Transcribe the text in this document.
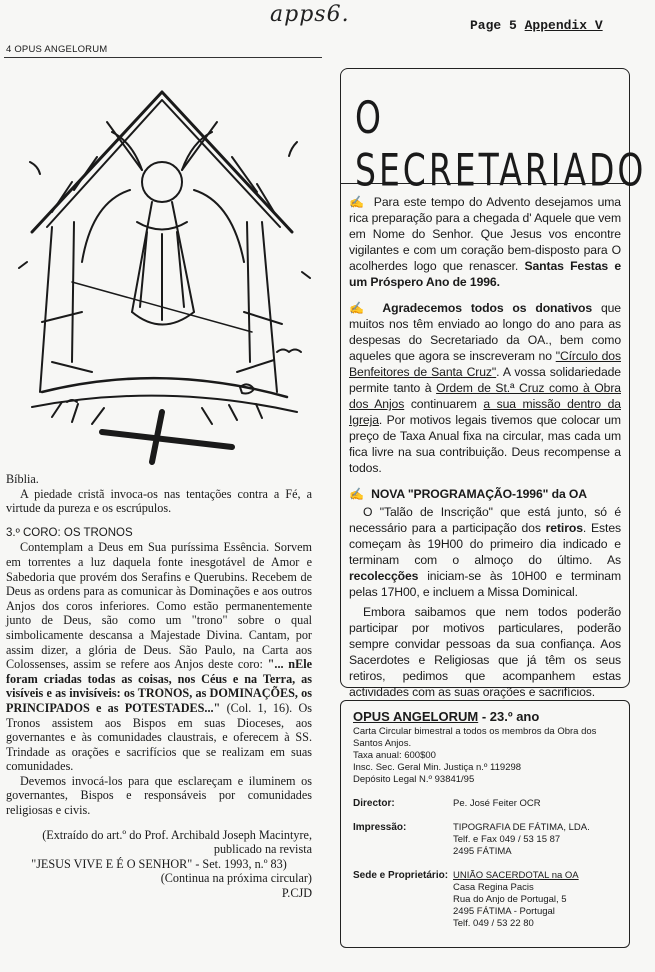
apps6.	Page 5 Appendix V
4 OPUS ANGELORUM

Bíblia.

A piedade cristã invoca-os nas tentações contra a Fé, a virtude da pureza e os escrúpulos.

3.º CORO: OS TRONOS

Contemplam a Deus em Sua puríssima Essência. Sorvem em torrentes a luz daquela fonte inesgotável de Amor e Sabedoria que provém dos Serafins e Querubins. Recebem de Deus as ordens para as comunicar às Dominações e aos outros Anjos dos coros inferiores. Como estão permanentemente junto de Deus, são como um "trono" sobre o qual simbolicamente descansa a Majestade Divina. Cantam, por assim dizer, a glória de Deus. São Paulo, na Carta aos Colossenses, assim se refere aos Anjos deste coro: "... nEle foram criadas todas as coisas, nos Céus e na Terra, as visíveis e as invisíveis: os TRONOS, as DOMINAÇÕES, os PRINCIPADOS e as POTESTADES..." (Col. 1, 16). Os Tronos assistem aos Bispos em suas Dioceses, aos governantes e às comunidades claustrais, e oferecem à SS. Trindade as orações e sacrifícios que se realizam em suas comunidades.

Devemos invocá-los para que esclareçam e iluminem os governantes, Bispos e responsáveis por comunidades religiosas e civis.

(Extraído do art.º do Prof. Archibald Joseph Macintyre, publicado na revista

"JESUS VIVE E É O SENHOR" - Set. 1993, n.º 83)

(Continua na próxima circular)

P.CJD

O SECRETARIADO

✍ Para este tempo do Advento desejamos uma rica preparação para a chegada d' Aquele que vem em Nome do Senhor. Que Jesus vos encontre vigilantes e com um coração bem-disposto para O acolherdes logo que renascer. Santas Festas e um Próspero Ano de 1996.

✍ Agradecemos todos os donativos que muitos nos têm enviado ao longo do ano para as despesas do Secretariado da OA., bem como aqueles que agora se inscreveram no "Círculo dos Benfeitores de Santa Cruz". A vossa solidariedade permite tanto à Ordem de St.ª Cruz como à Obra dos Anjos continuarem a sua missão dentro da Igreja. Por motivos legais tivemos que colocar um preço de Taxa Anual fixa na circular, mas cada um fica livre na sua contribuição. Deus recompense a todos.

✍ NOVA "PROGRAMAÇÃO-1996" da OA

O "Talão de Inscrição" que está junto, só é necessário para a participação dos retiros. Estes começam às 19H00 do primeiro dia indicado e terminam com o almoço do último. As recolecções iniciam-se às 10H00 e terminam pelas 17H00, e incluem a Missa Dominical.

Embora saibamos que nem todos poderão participar por motivos particulares, poderão sempre convidar pessoas da sua confiança. Aos Sacerdotes e Religiosas que já têm os seus retiros, pedimos que acompanhem estas actividades com as suas orações e sacrifícios.

OPUS ANGELORUM - 23.º ano

Carta Circular bimestral a todos os membros da Obra dos Santos Anjos.

Taxa anual: 600$00

Insc. Sec. Geral Min. Justiça n.º 119298

Depósito Legal N.º 93841/95

Director:	Pe. José Feiter OCR
Impressão:	TIPOGRAFIA DE FÁTIMA, LDA.
Telf. e Fax 049 / 53 15 87
2495 FÁTIMA
Sede e Proprietário: UNIÃO SACERDOTAL na OA
Casa Regina Pacis
Rua do Anjo de Portugal, 5
2495 FÁTIMA - Portugal
Telf. 049 / 53 22 80
